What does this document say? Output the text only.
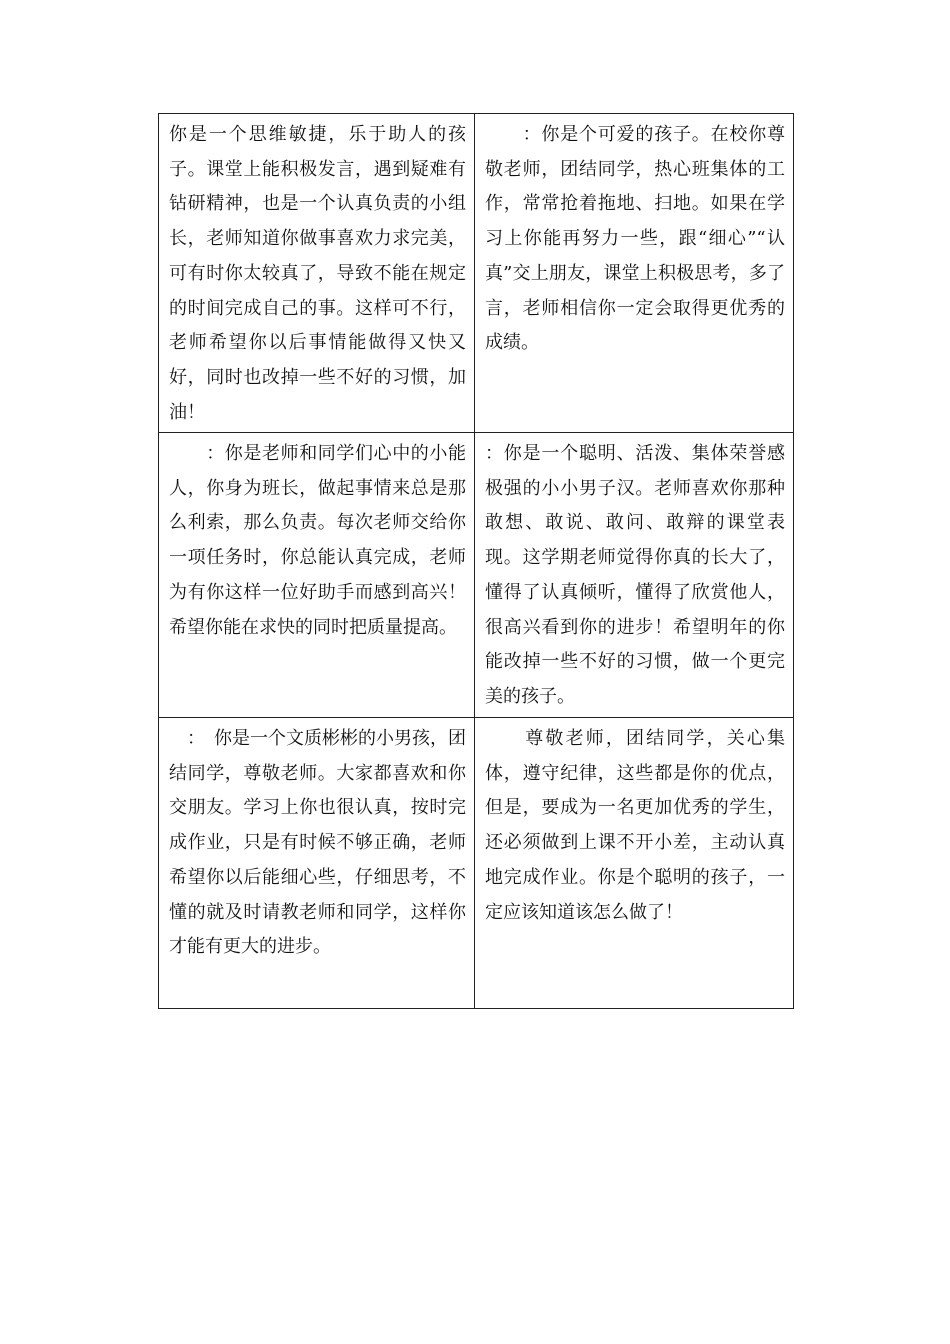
你是一个思维敏捷，乐于助人的孩子。课堂上能积极发言，遇到疑难有钻研精神，也是一个认真负责的小组长，老师知道你做事喜欢力求完美，可有时你太较真了，导致不能在规定的时间完成自己的事。这样可不行，老师希望你以后事情能做得又快又好，同时也改掉一些不好的习惯，加油！	　　：你是个可爱的孩子。在校你尊敬老师，团结同学，热心班集体的工作，常常抢着拖地、扫地。如果在学习上你能再努力一些，跟“细心”“认真”交上朋友，课堂上积极思考，多了言，老师相信你一定会取得更优秀的成绩。

　　：你是老师和同学们心中的小能人，你身为班长，做起事情来总是那么利索，那么负责。每次老师交给你一项任务时，你总能认真完成，老师为有你这样一位好助手而感到高兴！希望你能在求快的同时把质量提高。	：你是一个聪明、活泼、集体荣誉感极强的小小男子汉。老师喜欢你那种敢想、敢说、敢问、敢辩的课堂表现。这学期老师觉得你真的长大了，懂得了认真倾听，懂得了欣赏他人，很高兴看到你的进步！希望明年的你能改掉一些不好的习惯，做一个更完美的孩子。

　：　你是一个文质彬彬的小男孩，团结同学，尊敬老师。大家都喜欢和你交朋友。学习上你也很认真，按时完成作业，只是有时候不够正确，老师希望你以后能细心些，仔细思考，不懂的就及时请教老师和同学，这样你才能有更大的进步。	　　尊敬老师，团结同学，关心集体，遵守纪律，这些都是你的优点，但是，要成为一名更加优秀的学生，还必须做到上课不开小差，主动认真地完成作业。你是个聪明的孩子，一定应该知道该怎么做了！
